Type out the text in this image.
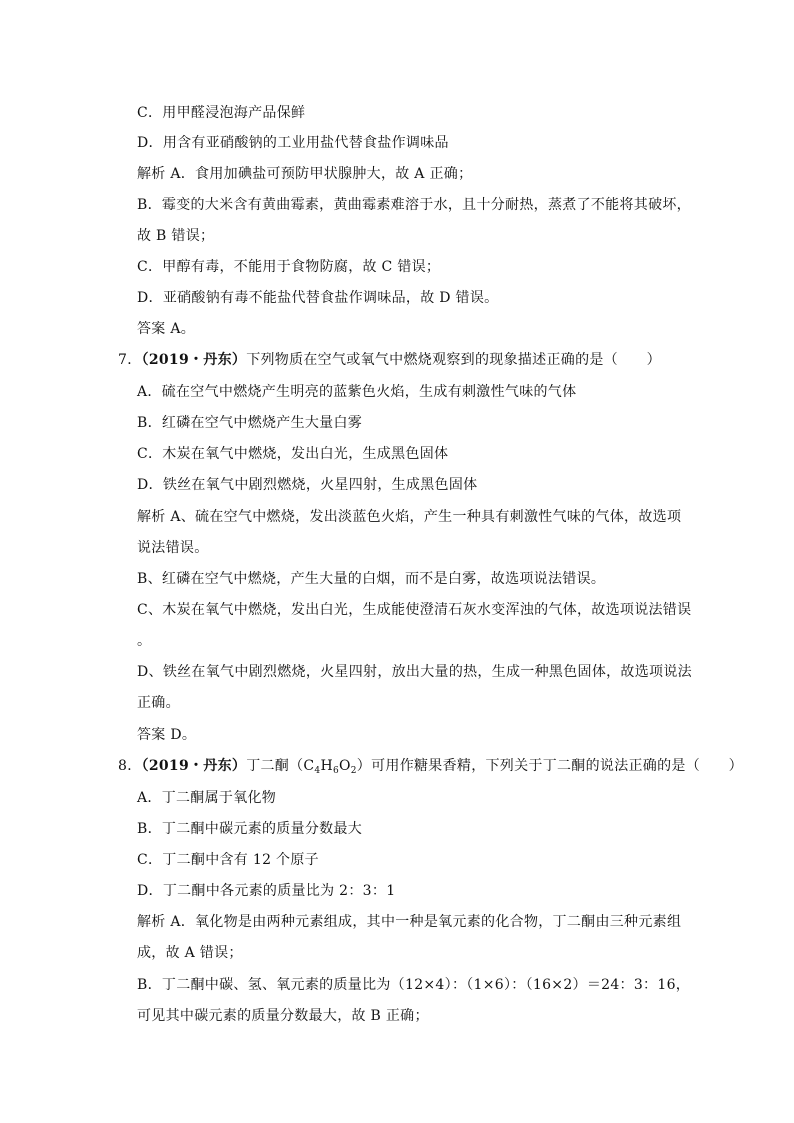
C．用甲醛浸泡海产品保鲜
D．用含有亚硝酸钠的工业用盐代替食盐作调味品
解析 A．食用加碘盐可预防甲状腺肿大，故 A 正确；
B．霉变的大米含有黄曲霉素，黄曲霉素难溶于水，且十分耐热，蒸煮了不能将其破坏，
故 B 错误；
C．甲醇有毒，不能用于食物防腐，故 C 错误；
D．亚硝酸钠有毒不能盐代替食盐作调味品，故 D 错误。
答案 A。
7．（2019・丹东）下列物质在空气或氧气中燃烧观察到的现象描述正确的是（　　）
A．硫在空气中燃烧产生明亮的蓝紫色火焰，生成有刺激性气味的气体
B．红磷在空气中燃烧产生大量白雾
C．木炭在氧气中燃烧，发出白光，生成黑色固体
D．铁丝在氧气中剧烈燃烧，火星四射，生成黑色固体
解析 A、硫在空气中燃烧，发出淡蓝色火焰，产生一种具有刺激性气味的气体，故选项
说法错误。
B、红磷在空气中燃烧，产生大量的白烟，而不是白雾，故选项说法错误。
C、木炭在氧气中燃烧，发出白光，生成能使澄清石灰水变浑浊的气体，故选项说法错误
。
D、铁丝在氧气中剧烈燃烧，火星四射，放出大量的热，生成一种黑色固体，故选项说法
正确。
答案 D。
8．（2019・丹东）丁二酮$(C_4H_6O_2)$可用作糖果香精，下列关于丁二酮的说法正确的是（　　）
A．丁二酮属于氧化物
B．丁二酮中碳元素的质量分数最大
C．丁二酮中含有 12 个原子
D．丁二酮中各元素的质量比为 2：3：1
解析 A．氧化物是由两种元素组成，其中一种是氧元素的化合物，丁二酮由三种元素组
成，故 A 错误；
B．丁二酮中碳、氢、氧元素的质量比为（12×4）：（1×6）：（16×2）＝24：3：16，
可见其中碳元素的质量分数最大，故 B 正确；
